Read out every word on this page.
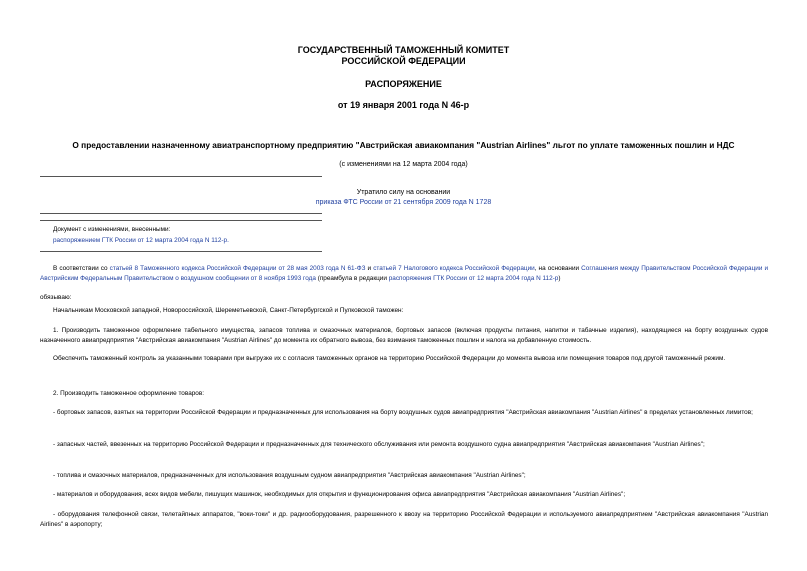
ГОСУДАРСТВЕННЫЙ ТАМОЖЕННЫЙ КОМИТЕТ
РОССИЙСКОЙ ФЕДЕРАЦИИ
РАСПОРЯЖЕНИЕ
от 19 января 2001 года N 46-р
О предоставлении назначенному авиатранспортному предприятию "Австрийская авиакомпания "Austrian Airlines" льгот по уплате таможенных пошлин и НДС
(с изменениями на 12 марта 2004 года)
Утратило силу на основании
приказа ФТС России от 21 сентября 2009 года N 1728
Документ с изменениями, внесенными:
распоряжением ГТК России от 12 марта 2004 года N 112-р.
В соответствии со статьей 8 Таможенного кодекса Российской Федерации от 28 мая 2003 года N 61-ФЗ и статьей 7 Налогового кодекса Российской Федерации, на основании Соглашения между Правительством Российской Федерации и Австрийским Федеральным Правительством о воздушном сообщении от 8 ноября 1993 года (преамбула в редакции распоряжения ГТК России от 12 марта 2004 года N 112-р)
обязываю:
Начальникам Московской западной, Новороссийской, Шереметьевской, Санкт-Петербургской и Пулковской таможен:
1. Производить таможенное оформление табельного имущества, запасов топлива и смазочных материалов, бортовых запасов (включая продукты питания, напитки и табачные изделия), находящиеся на борту воздушных судов назначенного авиапредприятия "Австрийская авиакомпания "Austrian Airlines" до момента их обратного вывоза, без взимания таможенных пошлин и налога на добавленную стоимость.
Обеспечить таможенный контроль за указанными товарами при выгрузке их с согласия таможенных органов на территорию Российской Федерации до момента вывоза или помещения товаров под другой таможенный режим.
2. Производить таможенное оформление товаров:
- бортовых запасов, взятых на территории Российской Федерации и предназначенных для использования на борту воздушных судов авиапредприятия "Австрийская авиакомпания "Austrian Airlines" в пределах установленных лимитов;
- запасных частей, ввезенных на территорию Российской Федерации и предназначенных для технического обслуживания или ремонта воздушного судна авиапредприятия "Австрийская авиакомпания "Austrian Airlines";
- топлива и смазочных материалов, предназначенных для использования воздушным судном авиапредприятия "Австрийская авиакомпания "Austrian Airlines";
- материалов и оборудования, всех видов мебели, пишущих машинок, необходимых для открытия и функционирования офиса авиапредприятия "Австрийская авиакомпания "Austrian Airlines";
- оборудования телефонной связи, телетайпных аппаратов, "воки-токи" и др. радиооборудования, разрешенного к ввозу на территорию Российской Федерации и используемого авиапредприятием "Австрийская авиакомпания "Austrian Airlines" в аэропорту;
